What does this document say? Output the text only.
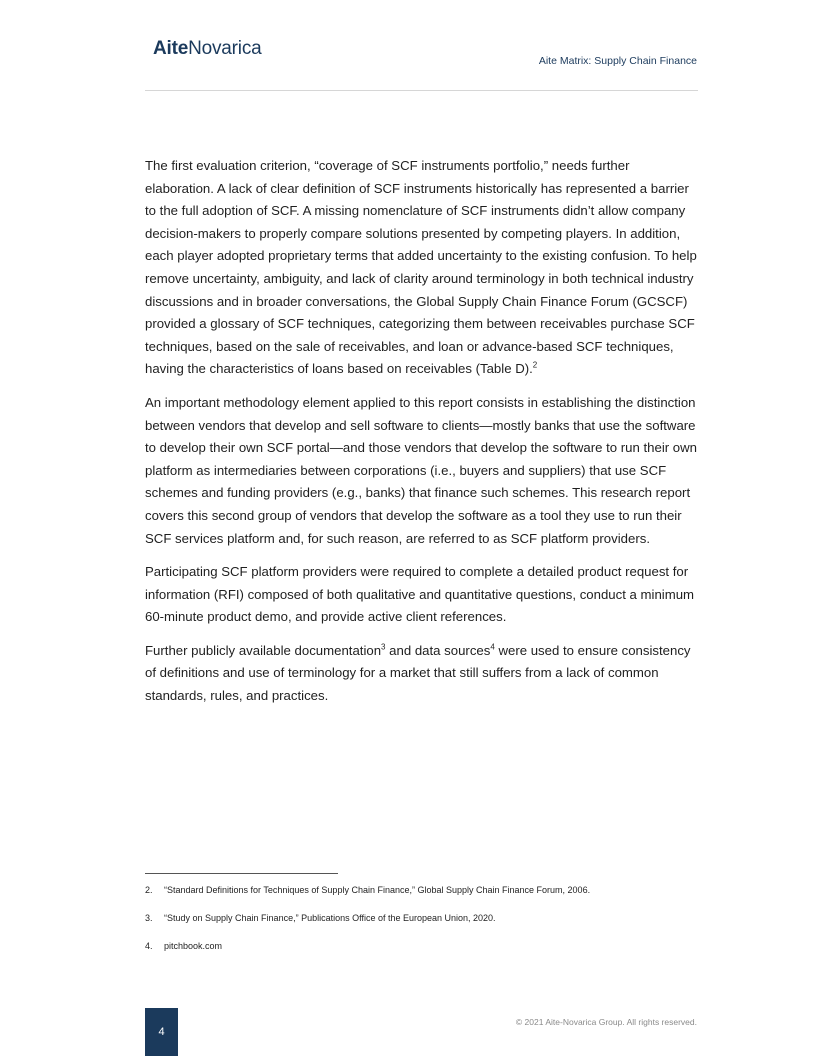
AiteNovarica
Aite Matrix: Supply Chain Finance

The first evaluation criterion, “coverage of SCF instruments portfolio,” needs further elaboration. A lack of clear definition of SCF instruments historically has represented a barrier to the full adoption of SCF. A missing nomenclature of SCF instruments didn’t allow company decision-makers to properly compare solutions presented by competing players. In addition, each player adopted proprietary terms that added uncertainty to the existing confusion. To help remove uncertainty, ambiguity, and lack of clarity around terminology in both technical industry discussions and in broader conversations, the Global Supply Chain Finance Forum (GCSCF) provided a glossary of SCF techniques, categorizing them between receivables purchase SCF techniques, based on the sale of receivables, and loan or advance-based SCF techniques, having the characteristics of loans based on receivables (Table D).$^2$

An important methodology element applied to this report consists in establishing the distinction between vendors that develop and sell software to clients—mostly banks that use the software to develop their own SCF portal—and those vendors that develop the software to run their own platform as intermediaries between corporations (i.e., buyers and suppliers) that use SCF schemes and funding providers (e.g., banks) that finance such schemes. This research report covers this second group of vendors that develop the software as a tool they use to run their SCF services platform and, for such reason, are referred to as SCF platform providers.

Participating SCF platform providers were required to complete a detailed product request for information (RFI) composed of both qualitative and quantitative questions, conduct a minimum 60-minute product demo, and provide active client references.

Further publicly available documentation$^3$ and data sources$^4$ were used to ensure consistency of definitions and use of terminology for a market that still suffers from a lack of common standards, rules, and practices.

2.	“Standard Definitions for Techniques of Supply Chain Finance,” Global Supply Chain Finance Forum, 2006.
3.	“Study on Supply Chain Finance,” Publications Office of the European Union, 2020.
4.	pitchbook.com
4
© 2021 Aite-Novarica Group. All rights reserved.
